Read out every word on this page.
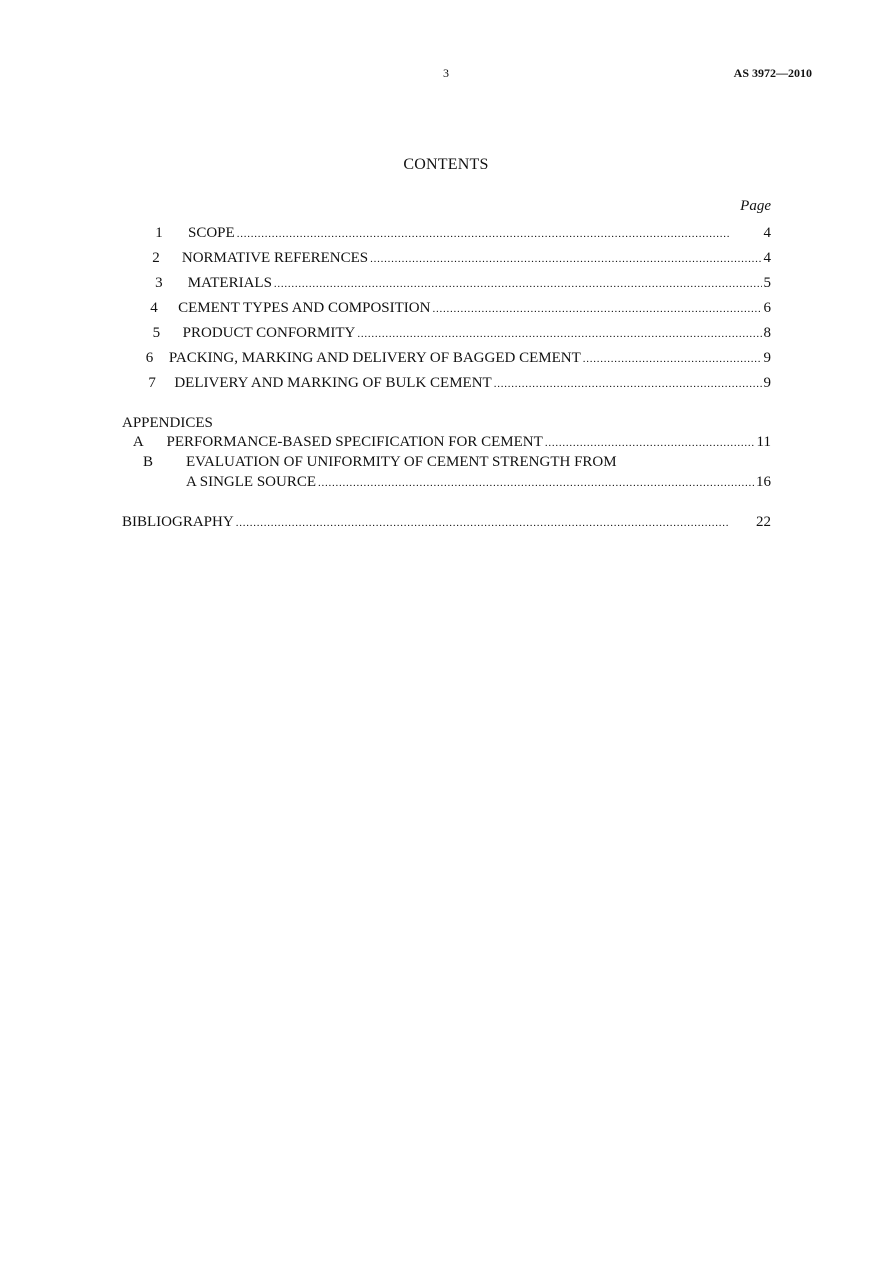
3	AS 3972—2010
CONTENTS
Page
1	SCOPE . . .	4
2	NORMATIVE REFERENCES . . .	4
3	MATERIALS . . .	5
4	CEMENT TYPES AND COMPOSITION . . .	6
5	PRODUCT CONFORMITY . . .	8
6 PACKING, MARKING AND DELIVERY OF BAGGED CEMENT . . .	9
7 DELIVERY AND MARKING OF BULK CEMENT . . .	9
APPENDICES
A PERFORMANCE-BASED SPECIFICATION FOR CEMENT . . .	11
B	EVALUATION OF UNIFORMITY OF CEMENT STRENGTH FROM
A SINGLE SOURCE . . .	16
BIBLIOGRAPHY . . .	22
